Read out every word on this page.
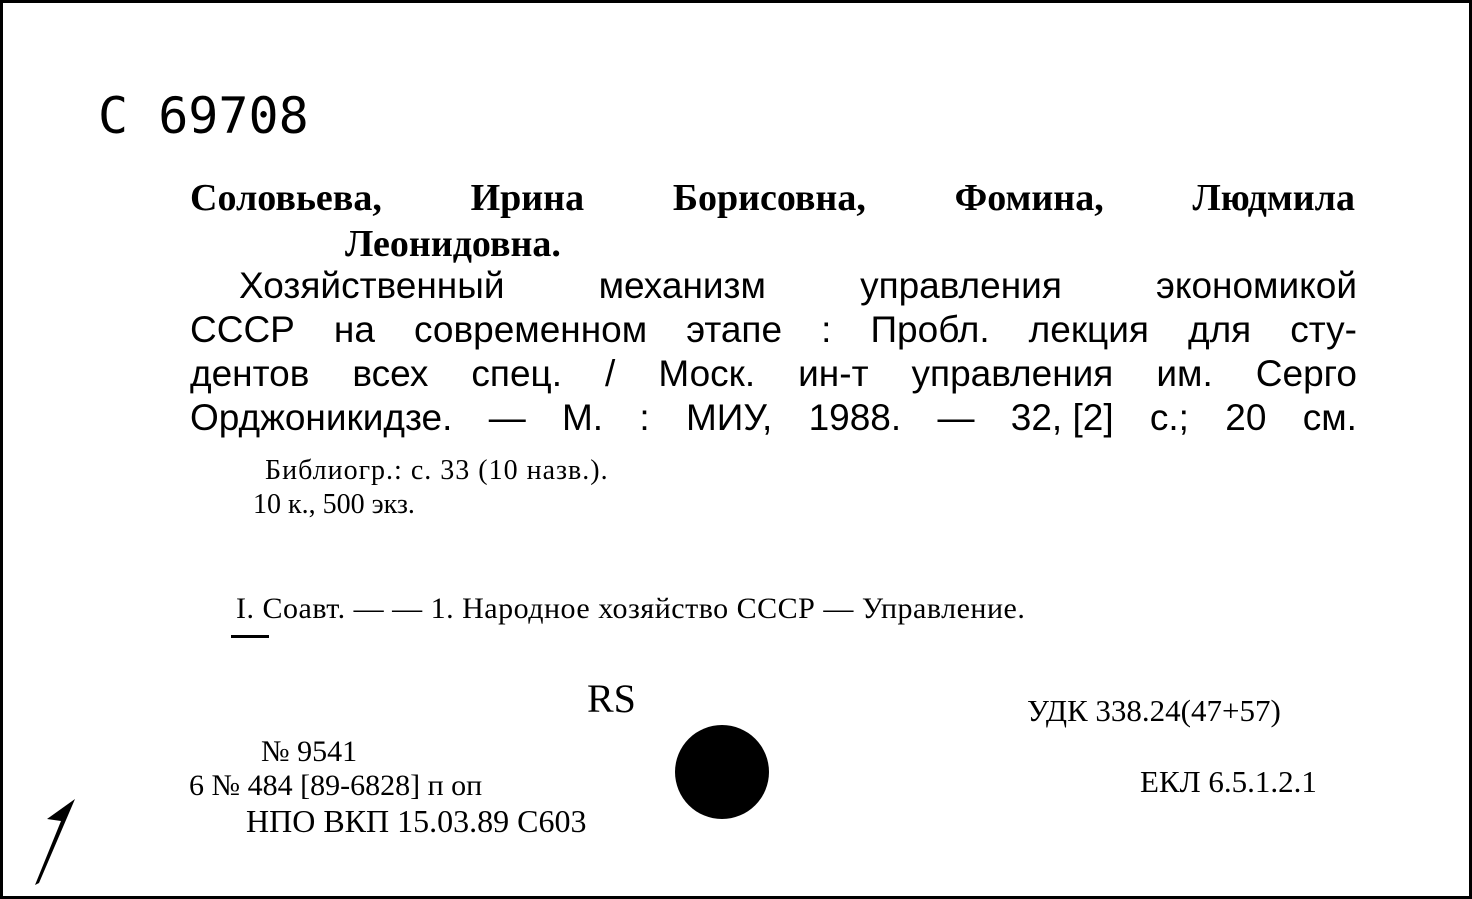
С 69708
Соловьева, Ирина Борисовна, Фомина, Людмила
Леонидовна.
Хозяйственный	механизм	управления	экономикой
СССР на современном этапе : Пробл. лекция для сту-
дентов всех спец. / Моск. ин-т управления им. Серго
Орджоникидзе. — М. : МИУ, 1988. — 32, [2] с.; 20 см.
Библиогр.: с. 33 (10 назв.).
10 к., 500 экз.
I. Соавт. — — 1. Народное хозяйство СССР — Управление.
RS
№ 9541
6 № 484 [89-6828] п оп
НПО ВКП 15.03.89 С603
УДК 338.24(47+57)
ЕКЛ 6.5.1.2.1
